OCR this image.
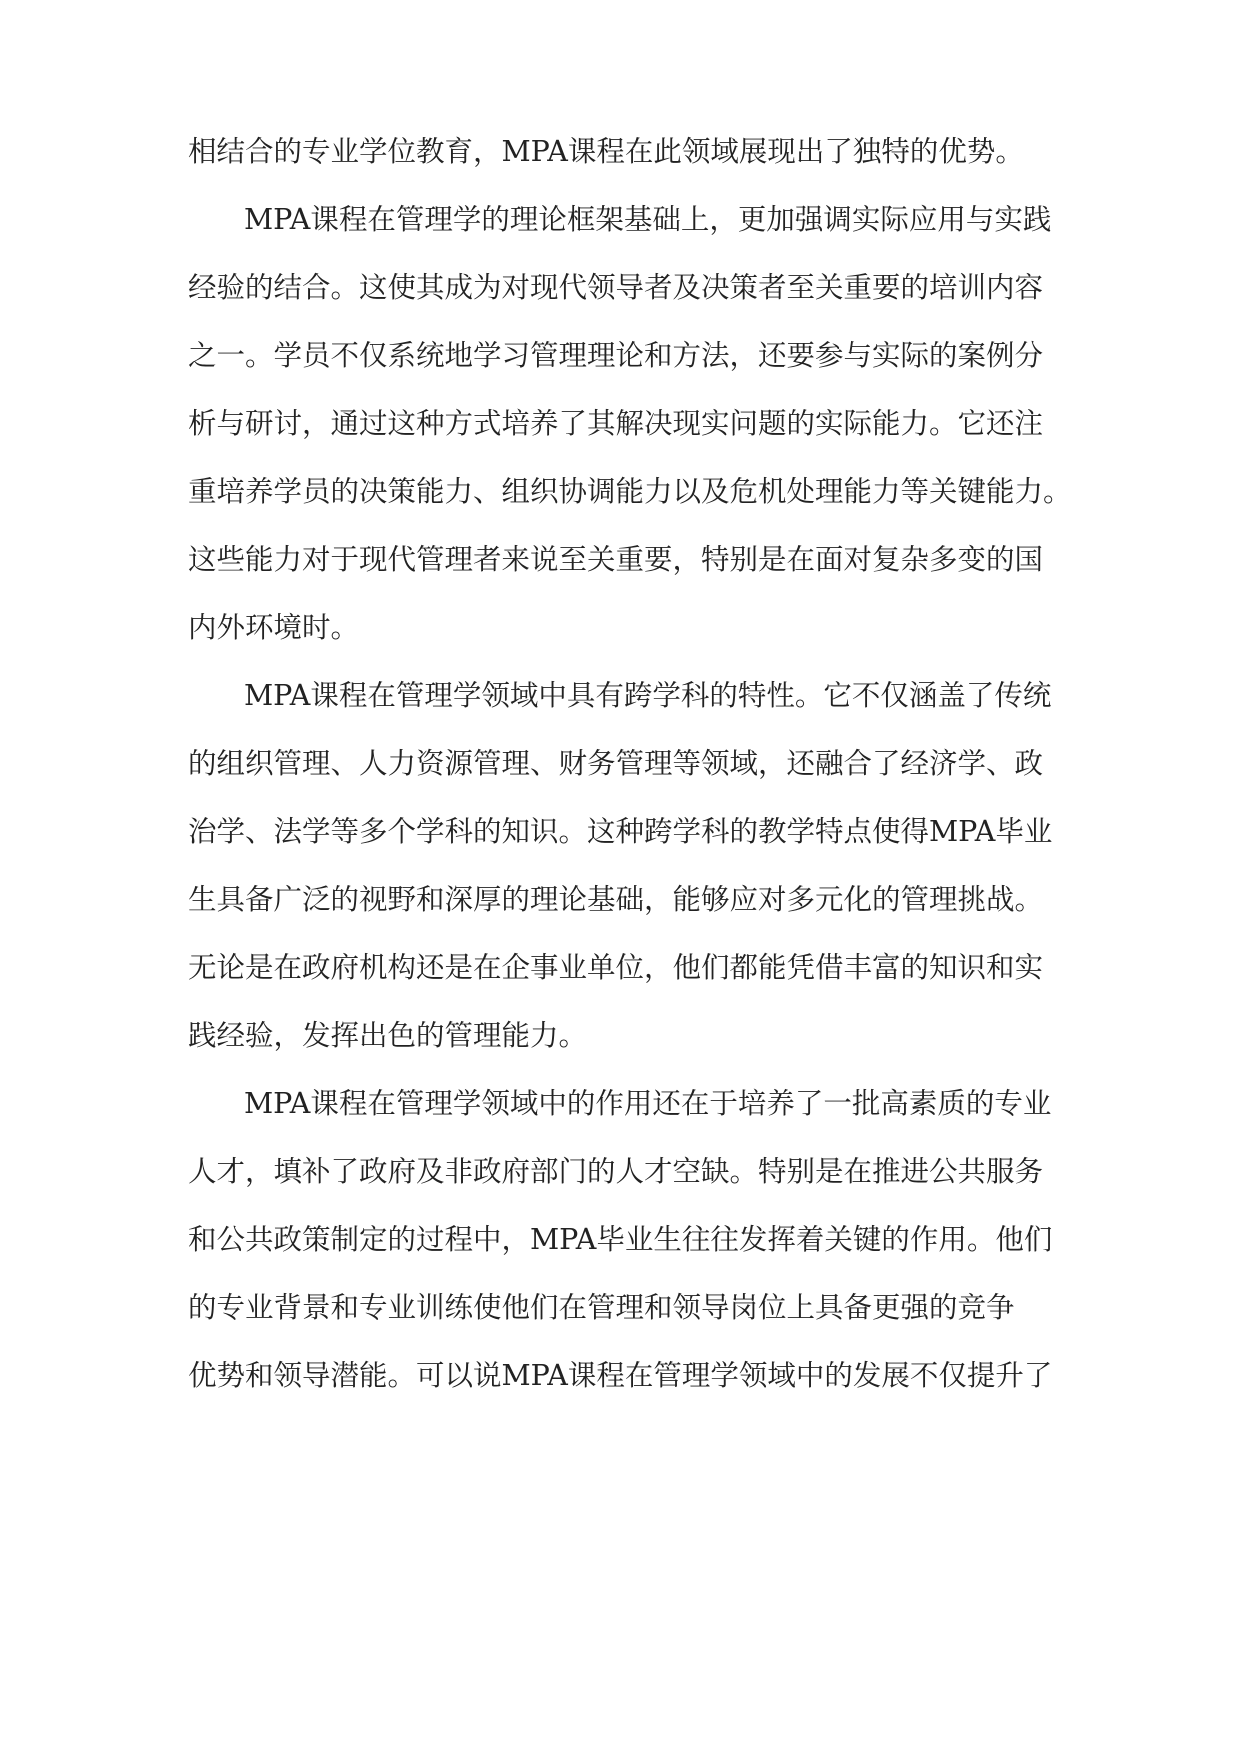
相结合的专业学位教育，MPA课程在此领域展现出了独特的优势。
MPA课程在管理学的理论框架基础上，更加强调实际应用与实践
经验的结合。这使其成为对现代领导者及决策者至关重要的培训内容
之一。学员不仅系统地学习管理理论和方法，还要参与实际的案例分
析与研讨，通过这种方式培养了其解决现实问题的实际能力。它还注
重培养学员的决策能力、组织协调能力以及危机处理能力等关键能力。
这些能力对于现代管理者来说至关重要，特别是在面对复杂多变的国
内外环境时。
MPA课程在管理学领域中具有跨学科的特性。它不仅涵盖了传统
的组织管理、人力资源管理、财务管理等领域，还融合了经济学、政
治学、法学等多个学科的知识。这种跨学科的教学特点使得MPA毕业
生具备广泛的视野和深厚的理论基础，能够应对多元化的管理挑战。
无论是在政府机构还是在企事业单位，他们都能凭借丰富的知识和实
践经验，发挥出色的管理能力。
MPA课程在管理学领域中的作用还在于培养了一批高素质的专业
人才，填补了政府及非政府部门的人才空缺。特别是在推进公共服务
和公共政策制定的过程中，MPA毕业生往往发挥着关键的作用。他们
的专业背景和专业训练使他们在管理和领导岗位上具备更强的竞争
优势和领导潜能。可以说MPA课程在管理学领域中的发展不仅提升了
